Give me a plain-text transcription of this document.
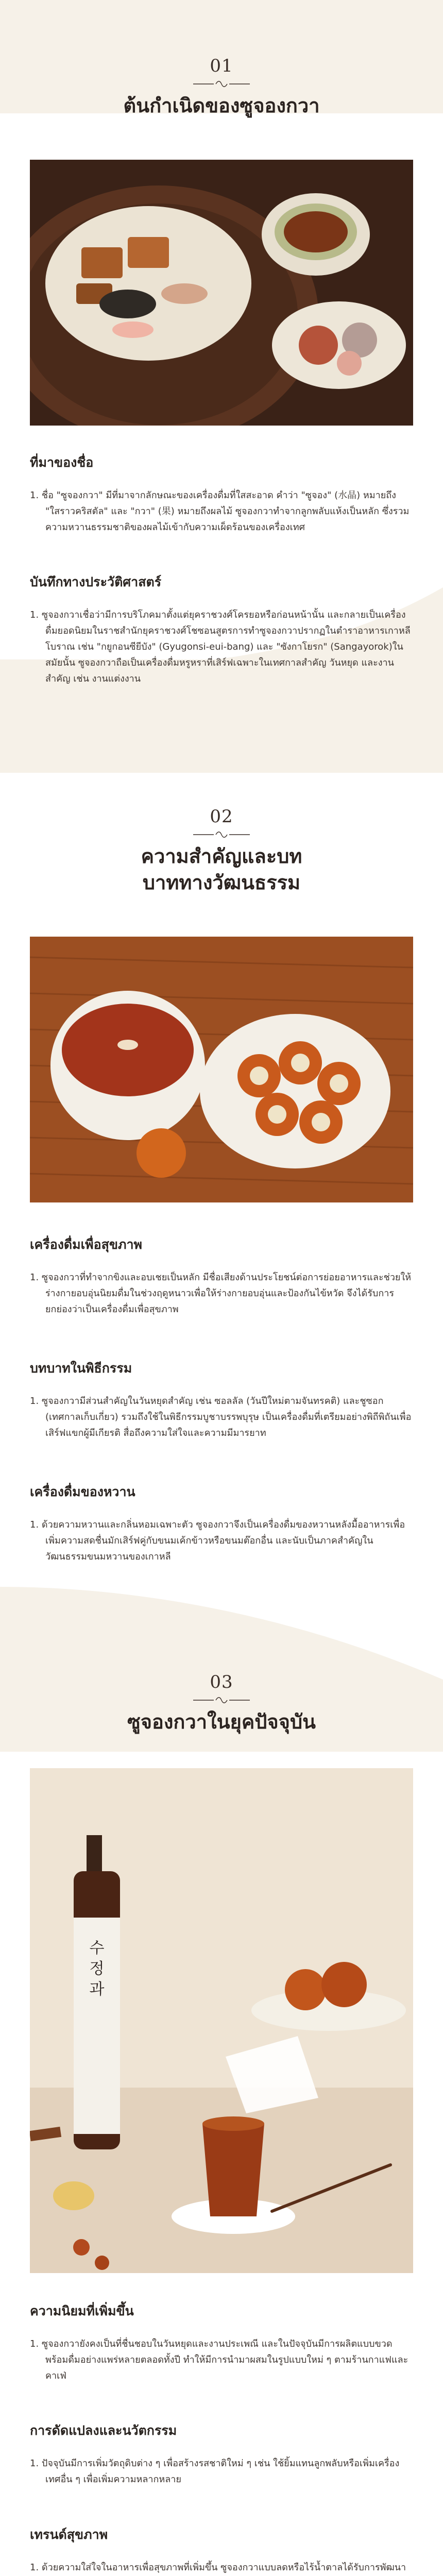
01
ต้นกำเนิดของซูจองกวา

ที่มาของชื่อ

1. ชื่อ "ซูจองกวา" มีที่มาจากลักษณะของเครื่องดื่มที่ใสสะอาด คำว่า "ซูจอง" (水晶) หมายถึง "ใสราวคริสตัล" และ "กวา" (果) หมายถึงผลไม้ ซูจองกวาทำจากลูกพลับแห้งเป็นหลัก ซึ่งรวมความหวานธรรมชาติของผลไม้เข้ากับความเผ็ดร้อนของเครื่องเทศ

บันทึกทางประวัติศาสตร์

1. ซูจองกวาเชื่อว่ามีการบริโภคมาตั้งแต่ยุคราชวงศ์โครยอหรือก่อนหน้านั้น และกลายเป็นเครื่องดื่มยอดนิยมในราชสำนักยุคราชวงศ์โชซอนสูตรการทำซูจองกวาปรากฏในตำราอาหารเกาหลีโบราณ เช่น "กยูกอนซียีบัง" (Gyugonsi-eui-bang) และ "ซังกาโยรก" (Sangayorok)ในสมัยนั้น ซูจองกวาถือเป็นเครื่องดื่มหรูหราที่เสิร์ฟเฉพาะในเทศกาลสำคัญ วันหยุด และงานสำคัญ เช่น งานแต่งงาน

02
ความสำคัญและบท
บาททางวัฒนธรรม

เครื่องดื่มเพื่อสุขภาพ

1. ซูจองกวาที่ทำจากขิงและอบเชยเป็นหลัก มีชื่อเสียงด้านประโยชน์ต่อการย่อยอาหารและช่วยให้ร่างกายอบอุ่นนิยมดื่มในช่วงฤดูหนาวเพื่อให้ร่างกายอบอุ่นและป้องกันไข้หวัด จึงได้รับการยกย่องว่าเป็นเครื่องดื่มเพื่อสุขภาพ

บทบาทในพิธีกรรม

1. ซูจองกวามีส่วนสำคัญในวันหยุดสำคัญ เช่น ซอลลัล (วันปีใหม่ตามจันทรคติ) และชูซอก (เทศกาลเก็บเกี่ยว) รวมถึงใช้ในพิธีกรรมบูชาบรรพบุรุษ เป็นเครื่องดื่มที่เตรียมอย่างพิถีพิถันเพื่อเสิร์ฟแขกผู้มีเกียรติ สื่อถึงความใส่ใจและความมีมารยาท

เครื่องดื่มของหวาน

1. ด้วยความหวานและกลิ่นหอมเฉพาะตัว ซูจองกวาจึงเป็นเครื่องดื่มของหวานหลังมื้ออาหารเพื่อเพิ่มความสดชื่นมักเสิร์ฟคู่กับขนมเค้กข้าวหรือขนมต๊อกอื่น และนับเป็นภาคสำคัญในวัฒนธรรมขนมหวานของเกาหลี

03
ซูจองกวาในยุคปัจจุบัน
수정과

ความนิยมที่เพิ่มขึ้น

1. ซูจองกวายังคงเป็นที่ชื่นชอบในวันหยุดและงานประเพณี และในปัจจุบันมีการผลิตแบบขวดพร้อมดื่มอย่างแพร่หลายตลอดทั้งปี ทำให้มีการนำมาผสมในรูปแบบใหม่ ๆ ตามร้านกาแฟและคาเฟ่

การดัดแปลงและนวัตกรรม

1. ปัจจุบันมีการเพิ่มวัตถุดิบต่าง ๆ เพื่อสร้างรสชาติใหม่ ๆ เช่น ใช้ยิ้มแทนลูกพลับหรือเพิ่มเครื่องเทศอื่น ๆ เพื่อเพิ่มความหลากหลาย

เทรนด์สุขภาพ

1. ด้วยความใส่ใจในอาหารเพื่อสุขภาพที่เพิ่มขึ้น ซูจองกวาแบบลดหรือไร้น้ำตาลได้รับการพัฒนา
